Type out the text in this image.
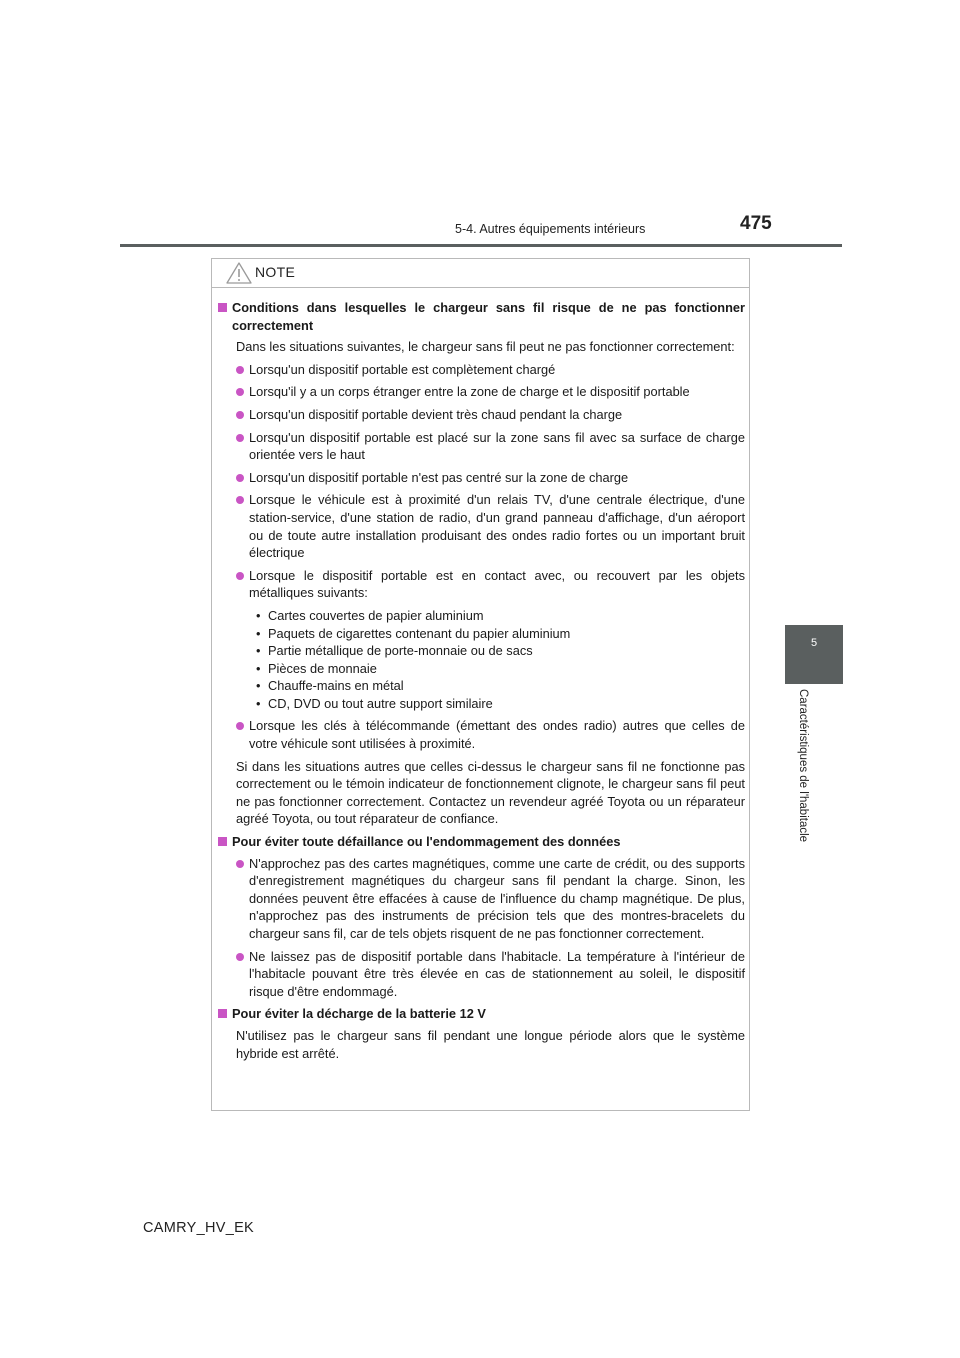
5-4. Autres équipements intérieurs	475
5
Caractéristiques de l'habitacle
NOTE
Conditions dans lesquelles le chargeur sans fil risque de ne pas fonctionner correctement
Dans les situations suivantes, le chargeur sans fil peut ne pas fonctionner correctement:
Lorsqu'un dispositif portable est complètement chargé
Lorsqu'il y a un corps étranger entre la zone de charge et le dispositif portable
Lorsqu'un dispositif portable devient très chaud pendant la charge
Lorsqu'un dispositif portable est placé sur la zone sans fil avec sa surface de charge orientée vers le haut
Lorsqu'un dispositif portable n'est pas centré sur la zone de charge
Lorsque le véhicule est à proximité d'un relais TV, d'une centrale électrique, d'une station-service, d'une station de radio, d'un grand panneau d'affichage, d'un aéroport ou de toute autre installation produisant des ondes radio fortes ou un important bruit électrique
Lorsque le dispositif portable est en contact avec, ou recouvert par les objets métalliques suivants:
• Cartes couvertes de papier aluminium
• Paquets de cigarettes contenant du papier aluminium
• Partie métallique de porte-monnaie ou de sacs
• Pièces de monnaie
• Chauffe-mains en métal
• CD, DVD ou tout autre support similaire
Lorsque les clés à télécommande (émettant des ondes radio) autres que celles de votre véhicule sont utilisées à proximité.
Si dans les situations autres que celles ci-dessus le chargeur sans fil ne fonctionne pas correctement ou le témoin indicateur de fonctionnement clignote, le chargeur sans fil peut ne pas fonctionner correctement. Contactez un revendeur agréé Toyota ou un réparateur agréé Toyota, ou tout réparateur de confiance.
Pour éviter toute défaillance ou l'endommagement des données
N'approchez pas des cartes magnétiques, comme une carte de crédit, ou des supports d'enregistrement magnétiques du chargeur sans fil pendant la charge. Sinon, les données peuvent être effacées à cause de l'influence du champ magnétique. De plus, n'approchez pas des instruments de précision tels que des montres-bracelets du chargeur sans fil, car de tels objets risquent de ne pas fonctionner correctement.
Ne laissez pas de dispositif portable dans l'habitacle. La température à l'intérieur de l'habitacle pouvant être très élevée en cas de stationnement au soleil, le dispositif risque d'être endommagé.
Pour éviter la décharge de la batterie 12 V
N'utilisez pas le chargeur sans fil pendant une longue période alors que le système hybride est arrêté.
CAMRY_HV_EK
